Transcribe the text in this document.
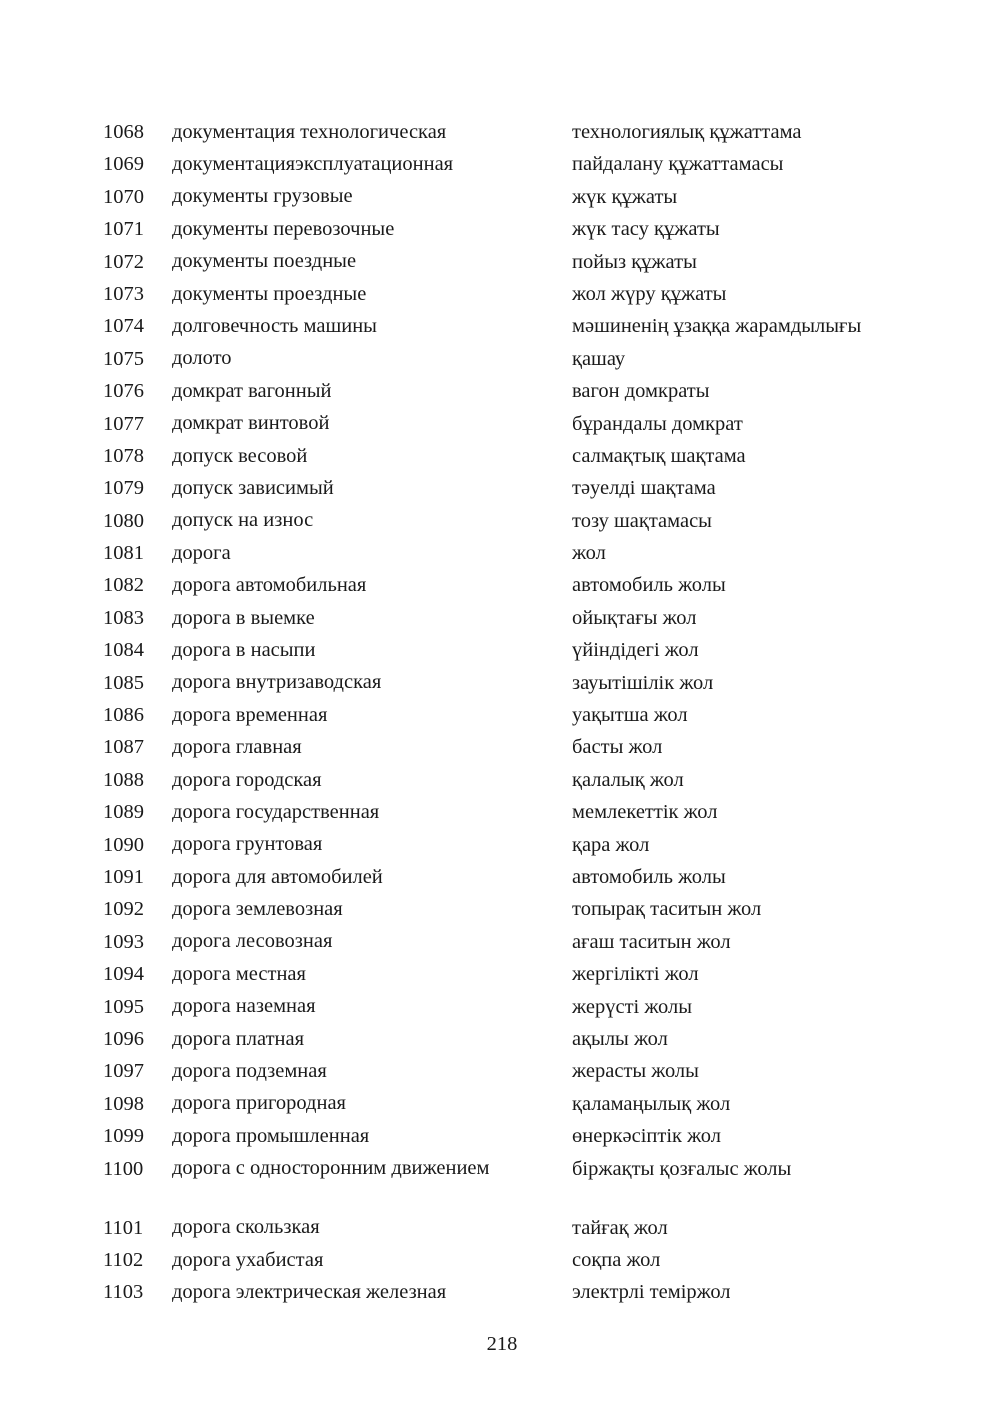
1068 документация технологическая	технологиялық құжаттама
1069 документацияэксплуатационная	пайдалану құжаттамасы
1070 документы грузовые	жүк құжаты
1071 документы перевозочные	жүк тасу құжаты
1072 документы поездные	пойыз құжаты
1073 документы проездные	жол жүру құжаты
1074 долговечность машины	мәшиненің ұзаққа жарамдылығы
1075 долото	қашау
1076 домкрат вагонный	вагон домкраты
1077 домкрат винтовой	бұрандалы домкрат
1078 допуск весовой	салмақтық шақтама
1079 допуск зависимый	тәуелді шақтама
1080 допуск на износ	тозу шақтамасы
1081 дорога	жол
1082 дорога автомобильная	автомобиль жолы
1083 дорога в выемке	ойықтағы жол
1084 дорога в насыпи	үйіндідегі жол
1085 дорога внутризаводская	зауытішілік жол
1086 дорога временная	уақытша жол
1087 дорога главная	басты жол
1088 дорога городская	қалалық жол
1089 дорога государственная	мемлекеттік жол
1090 дорога грунтовая	қара жол
1091 дорога для автомобилей	автомобиль жолы
1092 дорога землевозная	топырақ таситын жол
1093 дорога лесовозная	ағаш таситын жол
1094 дорога местная	жергілікті жол
1095 дорога наземная	жерүсті жолы
1096 дорога платная	ақылы жол
1097 дорога подземная	жерасты жолы
1098 дорога пригородная	қаламаңылық жол
1099 дорога промышленная	өнеркәсіптік жол
1100 дорога с односторонним движением	біржақты қозғалыс жолы
1101 дорога скользкая	тайғақ жол
1102 дорога ухабистая	соқпа жол
1103 дорога электрическая железная	электрлі теміржол
218
